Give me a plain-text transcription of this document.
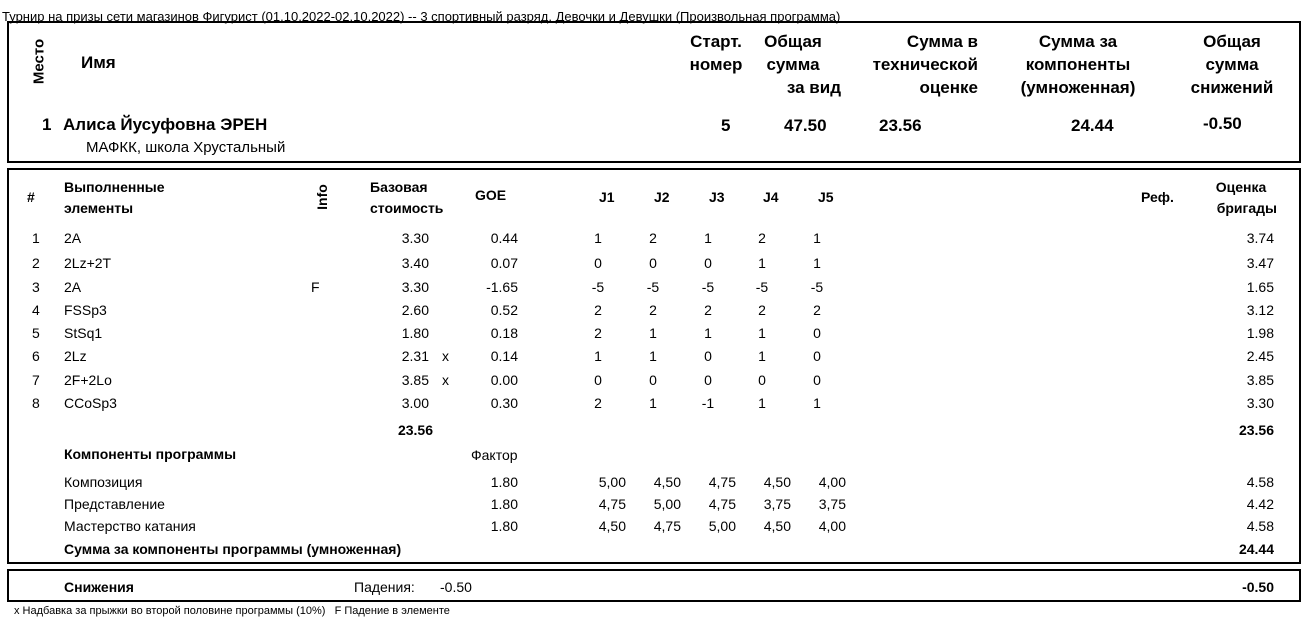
Турнир на призы сети магазинов Фигурист (01.10.2022-02.10.2022) -- 3 спортивный разряд, Девочки и Девушки (Произвольная программа)
Место Имя
Старт.
номер
Общая
сумма
за вид
Сумма в
технической
оценке
Сумма за
компоненты
(умноженная)
Общая
сумма
снижений
1 Алиса Йусуфовна ЭРЕН
МАФКК, школа Хрустальный
5	47.50	23.56	24.44	-0.50
#
Выполненные
элементы	Info	Базовая
стоимость
GOE	J1	J2	J3	J4	J5	Реф.
Оценка
бригады
1 2A	3.30	0.44	1	2	1	2	1	3.74
2 2Lz+2T	3.40	0.07	0	0	0	1	1	3.47
3 2A	F	3.30	-1.65	-5	-5	-5	-5	-5	1.65
4 FSSp3	2.60	0.52	2	2	2	2	2	3.12
5 StSq1	1.80	0.18	2	1	1	1	0	1.98
6 2Lz	2.31 x	0.14	1	1	0	1	0	2.45
7 2F+2Lo	3.85 x	0.00	0	0	0	0	0	3.85
8 CCoSp3	3.00	0.30	2	1	-1	1	1	3.30
23.56	23.56
Компоненты программы	Фактор
Композиция	1.80	5,00	4,50	4,75	4,50	4,00	4.58
Представление	1.80	4,75	5,00	4,75	3,75	3,75	4.42
Мастерство катания	1.80	4,50	4,75	5,00	4,50	4,00	4.58
Сумма за компоненты программы (умноженная)	24.44
Снижения	Падения: -0.50	-0.50
x Надбавка за прыжки во второй половине программы (10%)   F Падение в элементе
